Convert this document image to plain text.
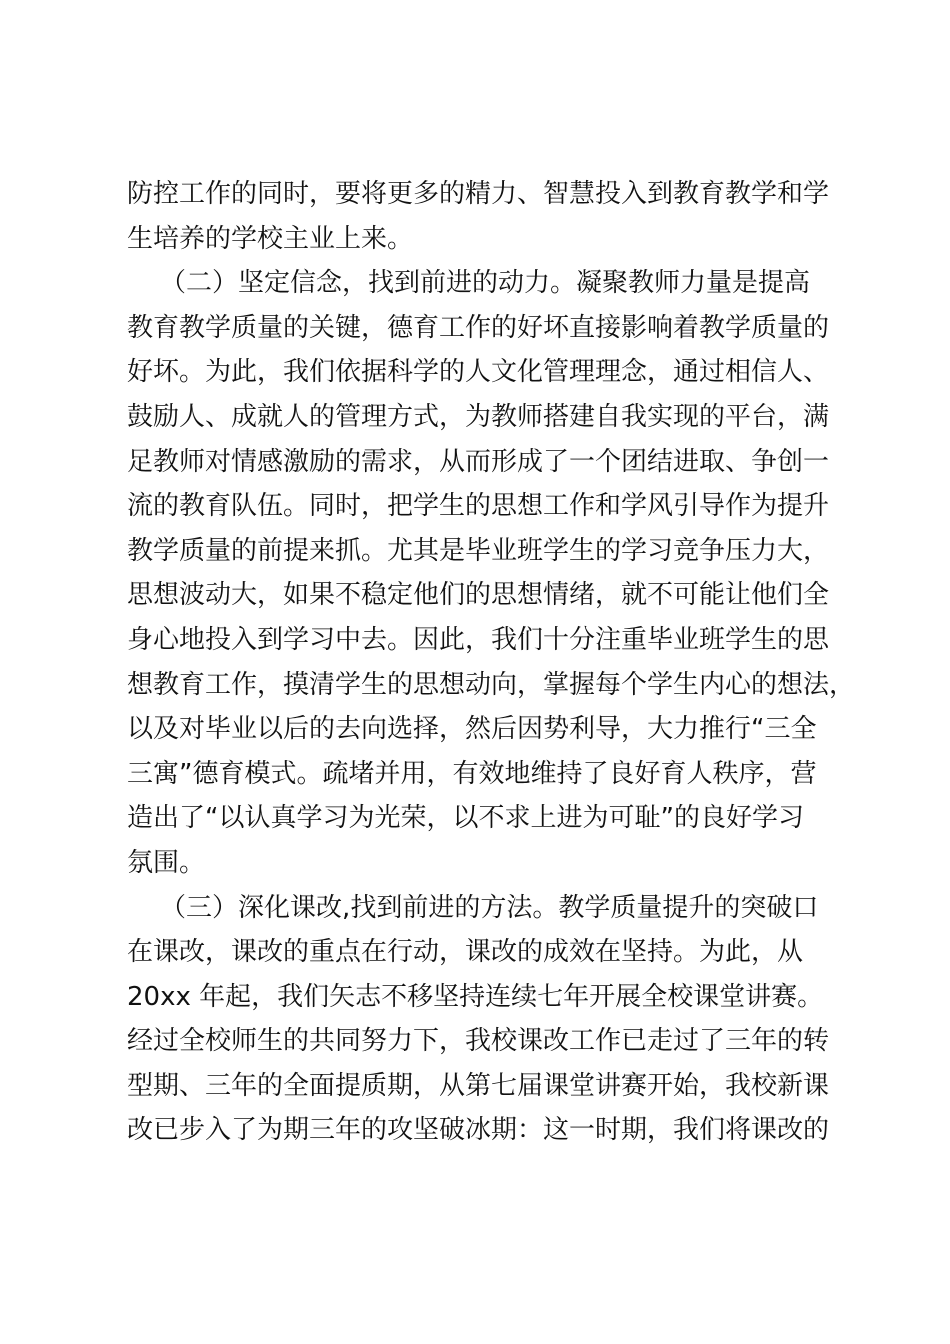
防控工作的同时，要将更多的精力、智慧投入到教育教学和学
生培养的学校主业上来。
（二）坚定信念，找到前进的动力。凝聚教师力量是提高
教育教学质量的关键，德育工作的好坏直接影响着教学质量的
好坏。为此，我们依据科学的人文化管理理念，通过相信人、
鼓励人、成就人的管理方式，为教师搭建自我实现的平台，满
足教师对情感激励的需求，从而形成了一个团结进取、争创一
流的教育队伍。同时，把学生的思想工作和学风引导作为提升
教学质量的前提来抓。尤其是毕业班学生的学习竞争压力大，
思想波动大，如果不稳定他们的思想情绪，就不可能让他们全
身心地投入到学习中去。因此，我们十分注重毕业班学生的思
想教育工作，摸清学生的思想动向，掌握每个学生内心的想法，
以及对毕业以后的去向选择，然后因势利导，大力推行“三全
三寓”德育模式。疏堵并用，有效地维持了良好育人秩序，营
造出了“以认真学习为光荣，以不求上进为可耻”的良好学习
氛围。
（三）深化课改,找到前进的方法。教学质量提升的突破口
在课改，课改的重点在行动，课改的成效在坚持。为此，从
20xx 年起，我们矢志不移坚持连续七年开展全校课堂讲赛。
经过全校师生的共同努力下，我校课改工作已走过了三年的转
型期、三年的全面提质期，从第七届课堂讲赛开始，我校新课
改已步入了为期三年的攻坚破冰期：这一时期，我们将课改的
